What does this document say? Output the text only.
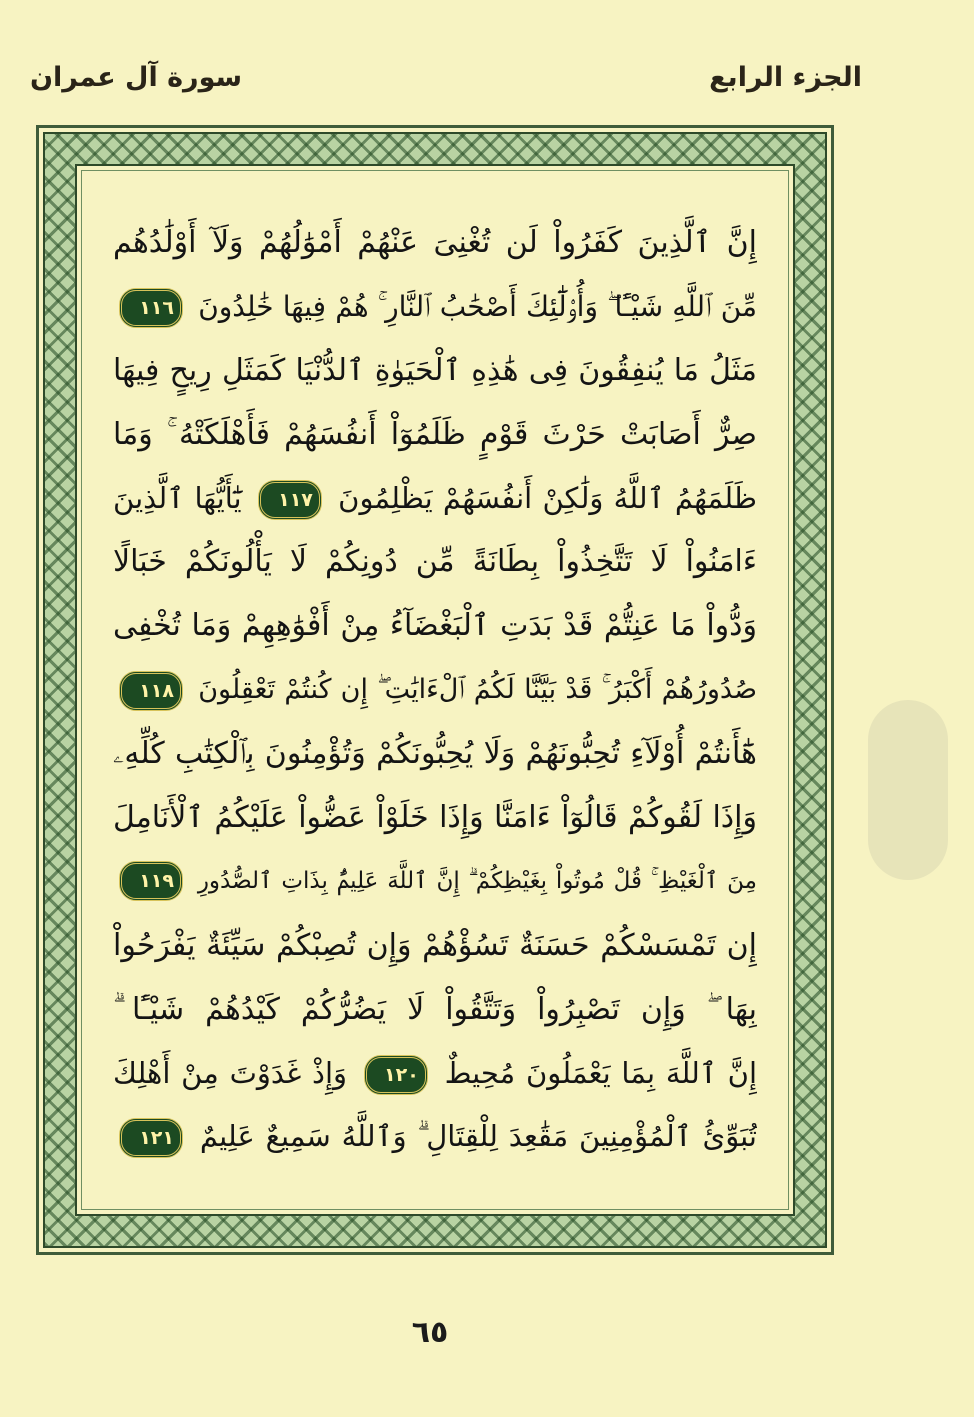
سورة آل عمران	الجزء الرابع
إِنَّ ٱلَّذِينَ كَفَرُواْ لَن تُغْنِىَ عَنْهُمْ أَمْوَٰلُهُمْ وَلَآ أَوْلَٰدُهُم
مِّنَ ٱللَّهِ شَيْـًٔا ۖ وَأُو۟لَٰٓئِكَ أَصْحَٰبُ ٱلنَّارِ ۚ هُمْ فِيهَا خَٰلِدُونَ ١١٦
مَثَلُ مَا يُنفِقُونَ فِى هَٰذِهِ ٱلْحَيَوٰةِ ٱلدُّنْيَا كَمَثَلِ رِيحٍ فِيهَا
صِرٌّ أَصَابَتْ حَرْثَ قَوْمٍ ظَلَمُوٓاْ أَنفُسَهُمْ فَأَهْلَكَتْهُ ۚ وَمَا
ظَلَمَهُمُ ٱللَّهُ وَلَٰكِنْ أَنفُسَهُمْ يَظْلِمُونَ ١١٧ يَٰٓأَيُّهَا ٱلَّذِينَ
ءَامَنُواْ لَا تَتَّخِذُواْ بِطَانَةً مِّن دُونِكُمْ لَا يَأْلُونَكُمْ خَبَالًا
وَدُّواْ مَا عَنِتُّمْ قَدْ بَدَتِ ٱلْبَغْضَآءُ مِنْ أَفْوَٰهِهِمْ وَمَا تُخْفِى
صُدُورُهُمْ أَكْبَرُ ۚ قَدْ بَيَّنَّا لَكُمُ ٱلْءَايَٰتِ ۖ إِن كُنتُمْ تَعْقِلُونَ ١١٨
هَٰٓأَنتُمْ أُوْلَآءِ تُحِبُّونَهُمْ وَلَا يُحِبُّونَكُمْ وَتُؤْمِنُونَ بِٱلْكِتَٰبِ كُلِّهِۦ
وَإِذَا لَقُوكُمْ قَالُوٓاْ ءَامَنَّا وَإِذَا خَلَوْاْ عَضُّواْ عَلَيْكُمُ ٱلْأَنَامِلَ
مِنَ ٱلْغَيْظِ ۚ قُلْ مُوتُواْ بِغَيْظِكُمْ ۗ إِنَّ ٱللَّهَ عَلِيمٌۢ بِذَاتِ ٱلصُّدُورِ ١١٩
إِن تَمْسَسْكُمْ حَسَنَةٌ تَسُؤْهُمْ وَإِن تُصِبْكُمْ سَيِّئَةٌ يَفْرَحُواْ
بِهَا ۖ وَإِن تَصْبِرُواْ وَتَتَّقُواْ لَا يَضُرُّكُمْ كَيْدُهُمْ شَيْـًٔا ۗ
إِنَّ ٱللَّهَ بِمَا يَعْمَلُونَ مُحِيطٌ ١٢٠ وَإِذْ غَدَوْتَ مِنْ أَهْلِكَ
تُبَوِّئُ ٱلْمُؤْمِنِينَ مَقَٰعِدَ لِلْقِتَالِ ۗ وَٱللَّهُ سَمِيعٌ عَلِيمٌ ١٢١
٦٥
